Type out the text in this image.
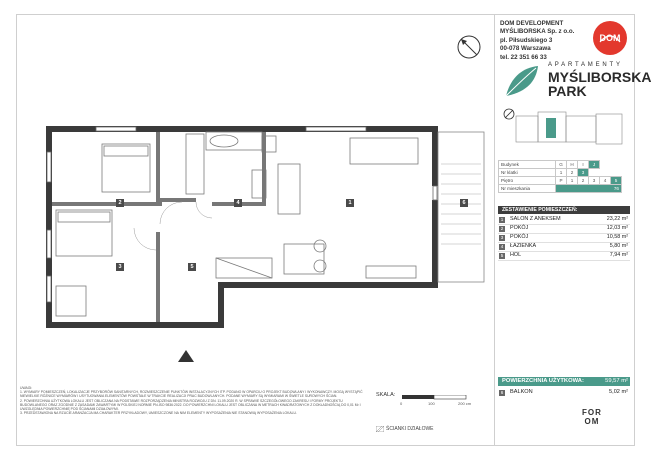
2
3
4
5
1	6
DOM DEVELOPMENT
MYŚLIBORSKA Sp. z o.o.
pl. Piłsudskiego 3
00-078 Warszawa
tel. 22 351 66 33
DOM
APARTAMENTY
MYŚLIBORSKA
PARK
Budynek	G	H	I	J		
Nr klatki	1	2	3			
Piętro	P	1	2	3	4	5
Nr mieszkania	76					
ZESTAWIENIE POMIESZCZEŃ:
1	SALON Z ANEKSEM	23,22 m²
2	POKÓJ	12,03 m²
3	POKÓJ	10,58 m²
4	ŁAZIENKA	5,80 m²
5	HOL	7,94 m²
POWIERZCHNIA UŻYTKOWA:	59,57 m²
6	BALKON	5,02 m²
FOR
OM
UWAGI:
1. WYMIARY POMIESZCZEŃ, LOKALIZACJE PRZYBORÓW SANITARNYCH, ROZMIESZCZENIE PUNKTÓW INSTALACYJNYCH ITP. PODANO W OPARCIU O PROJEKT BUDOWLANY I WYKONAWCZY. MOGĄ WYSTĄPIĆ NIEWIELKIE RÓŻNICE WYMIARÓW I USYTUOWANIA ELEMENTÓW POWSTAŁE W TRAKCIE REALIZACJI PRAC BUDOWLANYCH. PODANE WYMIARY SĄ WYMIARAMI W ŚWIETLE SUROWYCH ŚCIAN.
2. POWIERZCHNIA UŻYTKOWA LOKALU JEST OBLICZANA NA PODSTAWIE ROZPORZĄDZENIA MINISTRA ROZWOJU Z DN. 11.09.2020 R. W SPRAWIE SZCZEGÓŁOWEGO ZAKRESU I FORMY PROJEKTU BUDOWLANEGO ORAZ ZGODNIE Z ZASADAMI ZAWARTYMI W POLSKIEJ NORMIE PN-ISO 9836:2022. DO POWIERZCHNI LOKALU JEST OBLICZANA W METRACH KWADRATOWYCH Z DOKŁADNOŚCIĄ DO 0,01 M² I UWZGLĘDNIA POWIERZCHNIĘ POD ŚCIANAMI DZIAŁOWYMI.
3. PRZEDSTAWIONA NA RZUCIE ARANŻACJA MA CHARAKTER PRZYKŁADOWY, UMIESZCZONE NA NIM ELEMENTY WYPOSAŻENIA NIE STANOWIĄ WYPOSAŻENIA LOKALU.
SKALA:
0	100	200 cm
ŚCIANKI DZIAŁOWE
